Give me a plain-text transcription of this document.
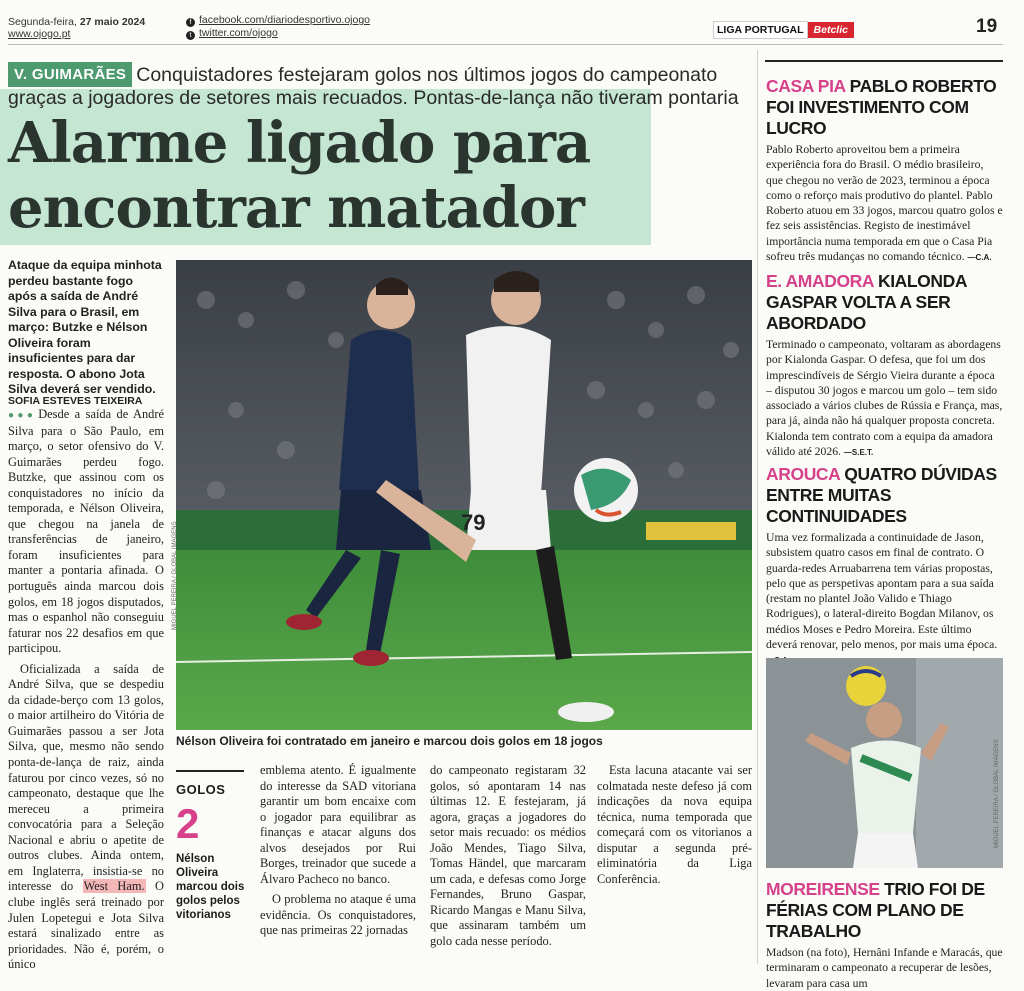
Segunda-feira, 27 maio 2024
www.ojogo.pt
f facebook.com/diariodesportivo.ojogo
t twitter.com/ojogo	LIGA PORTUGAL Betclic	19
V. GUIMARÃES Conquistadores festejaram golos nos últimos jogos do campeonato graças a jogadores de setores mais recuados. Pontas-de-lança não tiveram pontaria
Alarme ligado para
encontrar matador
Ataque da equipa minhota perdeu bastante fogo após a saída de André Silva para o Brasil, em março: Butzke e Nélson Oliveira foram insuficientes para dar resposta. O abono Jota Silva deverá ser vendido.
SOFIA ESTEVES TEIXEIRA

●●● Desde a saída de André Silva para o São Paulo, em março, o setor ofensivo do V. Guimarães perdeu fogo. Butzke, que assinou com os conquistadores no início da temporada, e Nélson Oliveira, que chegou na janela de transferências de janeiro, foram insuficientes para manter a pontaria afinada. O português ainda marcou dois golos, em 18 jogos disputados, mas o espanhol não conseguiu faturar nos 22 desafios em que participou.

Oficializada a saída de André Silva, que se despediu da cidade-berço com 13 golos, o maior artilheiro do Vitória de Guimarães passou a ser Jota Silva, que, mesmo não sendo ponta-de-lança de raiz, ainda faturou por cinco vezes, só no campeonato, destaque que lhe mereceu a primeira convocatória para a Seleção Nacional e abriu o apetite de outros clubes. Ainda ontem, em Inglaterra, insistia-se no interesse do West Ham. O clube inglês será treinado por Julen Lopetegui e Jota Silva estará sinalizado entre as prioridades. Não é, porém, o único

79
MIGUEL PEREIRA / GLOBAL IMAGENS
Nélson Oliveira foi contratado em janeiro e marcou dois golos em 18 jogos
GOLOS
2
Nélson Oliveira marcou dois golos pelos vitorianos

emblema atento. É igualmente do interesse da SAD vitoriana garantir um bom encaixe com o jogador para equilibrar as finanças e atacar alguns dos alvos desejados por Rui Borges, treinador que sucede a Álvaro Pacheco no banco.

O problema no ataque é uma evidência. Os conquistadores, que nas primeiras 22 jornadas

Esta lacuna atacante vai ser colmatada neste defeso já com indicações da nova equipa técnica, numa temporada que começará com os vitorianos a disputar a segunda pré-eliminatória da Liga Conferência.

CASA PIA PABLO ROBERTO FOI INVESTIMENTO COM LUCRO
Pablo Roberto aproveitou bem a primeira experiência fora do Brasil. O médio brasileiro, que chegou no verão de 2023, terminou a época como o reforço mais produtivo do plantel. Pablo Roberto atuou em 33 jogos, marcou quatro golos e fez seis assistências. Registo de inestimável importância numa temporada em que o Casa Pia sofreu três mudanças no comando técnico. —C.A.
E. AMADORA KIALONDA GASPAR VOLTA A SER ABORDADO
Terminado o campeonato, voltaram as abordagens por Kialonda Gaspar. O defesa, que foi um dos imprescindíveis de Sérgio Vieira durante a época – disputou 30 jogos e marcou um golo – tem sido associado a vários clubes de Rússia e França, mas, para já, ainda não há qualquer proposta concreta. Kialonda tem contrato com a equipa da amadora válido até 2026. —S.E.T.
AROUCA QUATRO DÚVIDAS ENTRE MUITAS CONTINUIDADES
Uma vez formalizada a continuidade de Jason, subsistem quatro casos em final de contrato. O guarda-redes Arruabarrena tem várias propostas, pelo que as perspetivas apontam para a sua saída (restam no plantel João Valido e Thiago Rodrigues), o lateral-direito Bogdan Milanov, os médios Moses e Pedro Moreira. Este último deverá renovar, pelo menos, por mais uma época.
MIGUEL PEREIRA / GLOBAL IMAGENS
MOREIRENSE TRIO FOI DE FÉRIAS COM PLANO DE TRABALHO
Madson (na foto), Hernâni Infande e Maracás, que terminaram o campeonato a recuperar de lesões, levaram para casa um

do campeonato registaram 32 golos, só apontaram 14 nas últimas 12. E festejaram, já agora, graças a jogadores do setor mais recuado: os médios João Mendes, Tiago Silva, Tomas Händel, que marcaram um cada, e defesas como Jorge Fernandes, Bruno Gaspar, Ricardo Mangas e Manu Silva, que assinaram também um golo cada nesse período.
